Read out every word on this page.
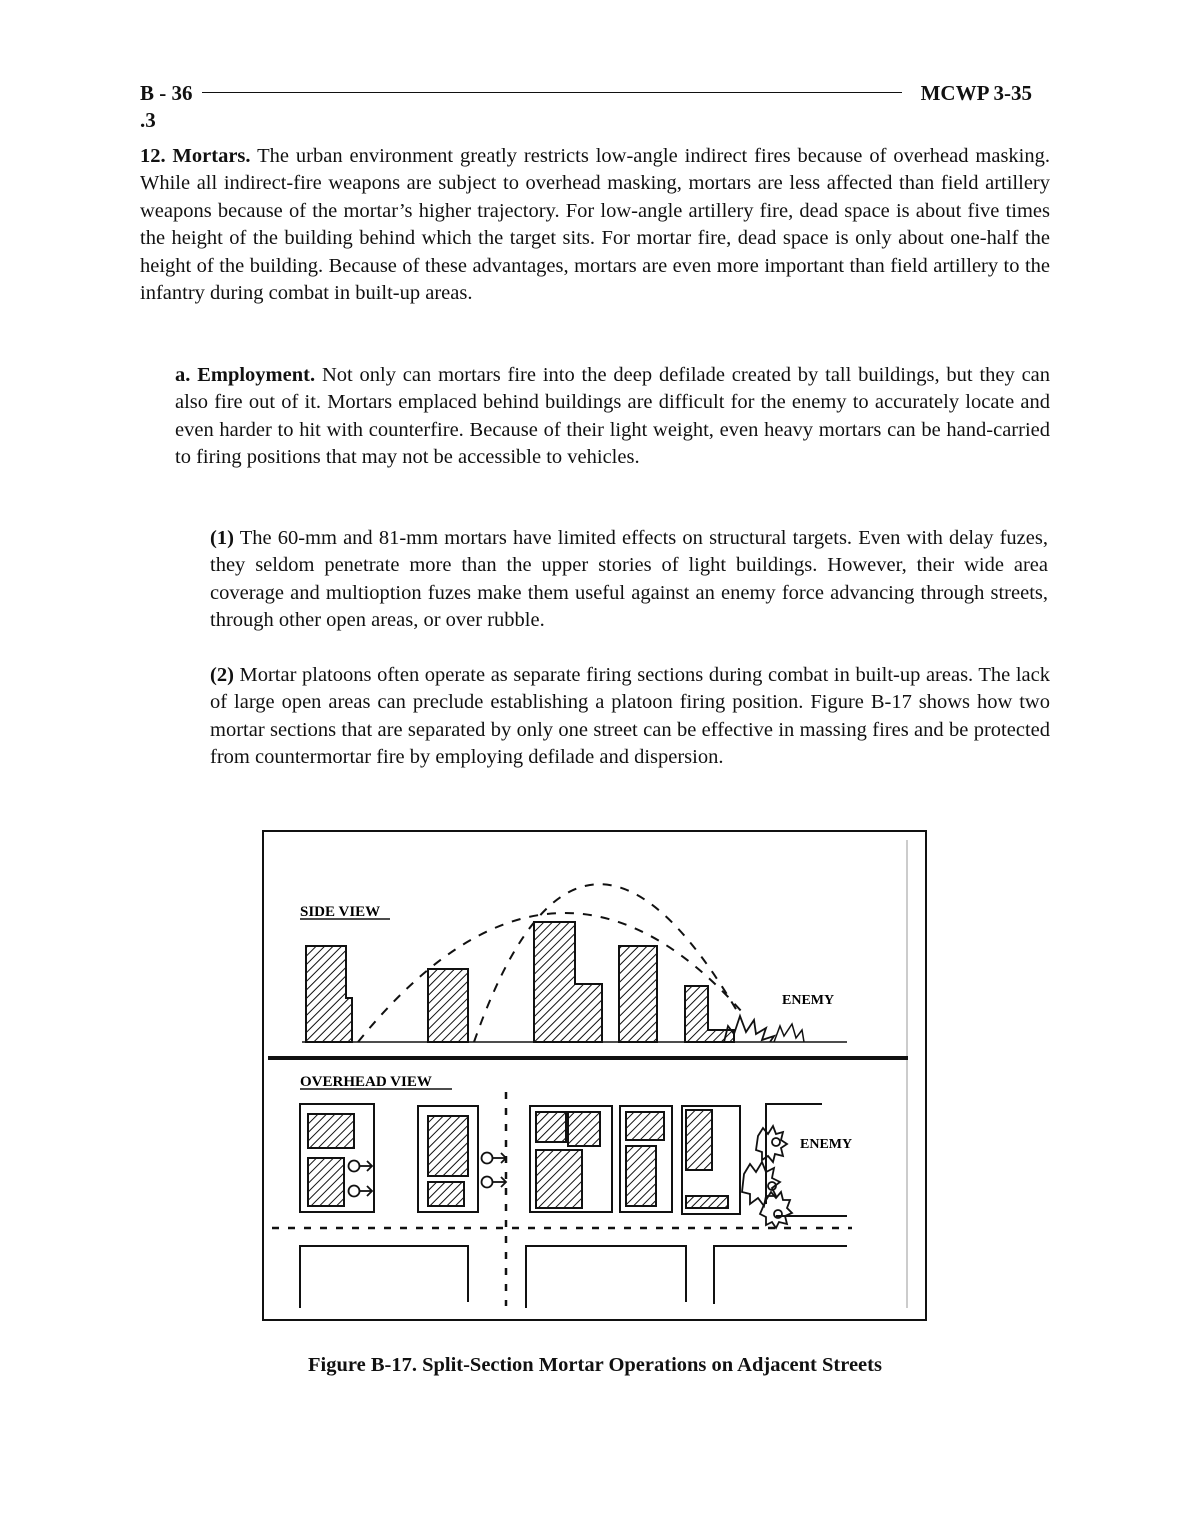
B - 36	MCWP 3-35
.3

12. Mortars. The urban environment greatly restricts low-angle indirect fires because of overhead masking. While all indirect-fire weapons are subject to overhead masking, mortars are less affected than field artillery weapons because of the mortar’s higher trajectory. For low-angle artillery fire, dead space is about five times the height of the building behind which the target sits. For mortar fire, dead space is only about one-half the height of the building. Because of these advantages, mortars are even more important than field artillery to the infantry during combat in built-up areas.

a. Employment. Not only can mortars fire into the deep defilade created by tall buildings, but they can also fire out of it. Mortars emplaced behind buildings are difficult for the enemy to accurately locate and even harder to hit with counterfire. Because of their light weight, even heavy mortars can be hand-carried to firing positions that may not be accessible to vehicles.

(1) The 60-mm and 81-mm mortars have limited effects on structural targets. Even with delay fuzes, they seldom penetrate more than the upper stories of light buildings. However, their wide area coverage and multioption fuzes make them useful against an enemy force advancing through streets, through other open areas, or over rubble.

(2) Mortar platoons often operate as separate firing sections during combat in built-up areas. The lack of large open areas can preclude establishing a platoon firing position. Figure B-17 shows how two mortar sections that are separated by only one street can be effective in massing fires and be protected from countermortar fire by employing defilade and dispersion.

SIDE VIEW
ENEMY
OVERHEAD VIEW
ENEMY
Figure B-17. Split-Section Mortar Operations on Adjacent Streets
